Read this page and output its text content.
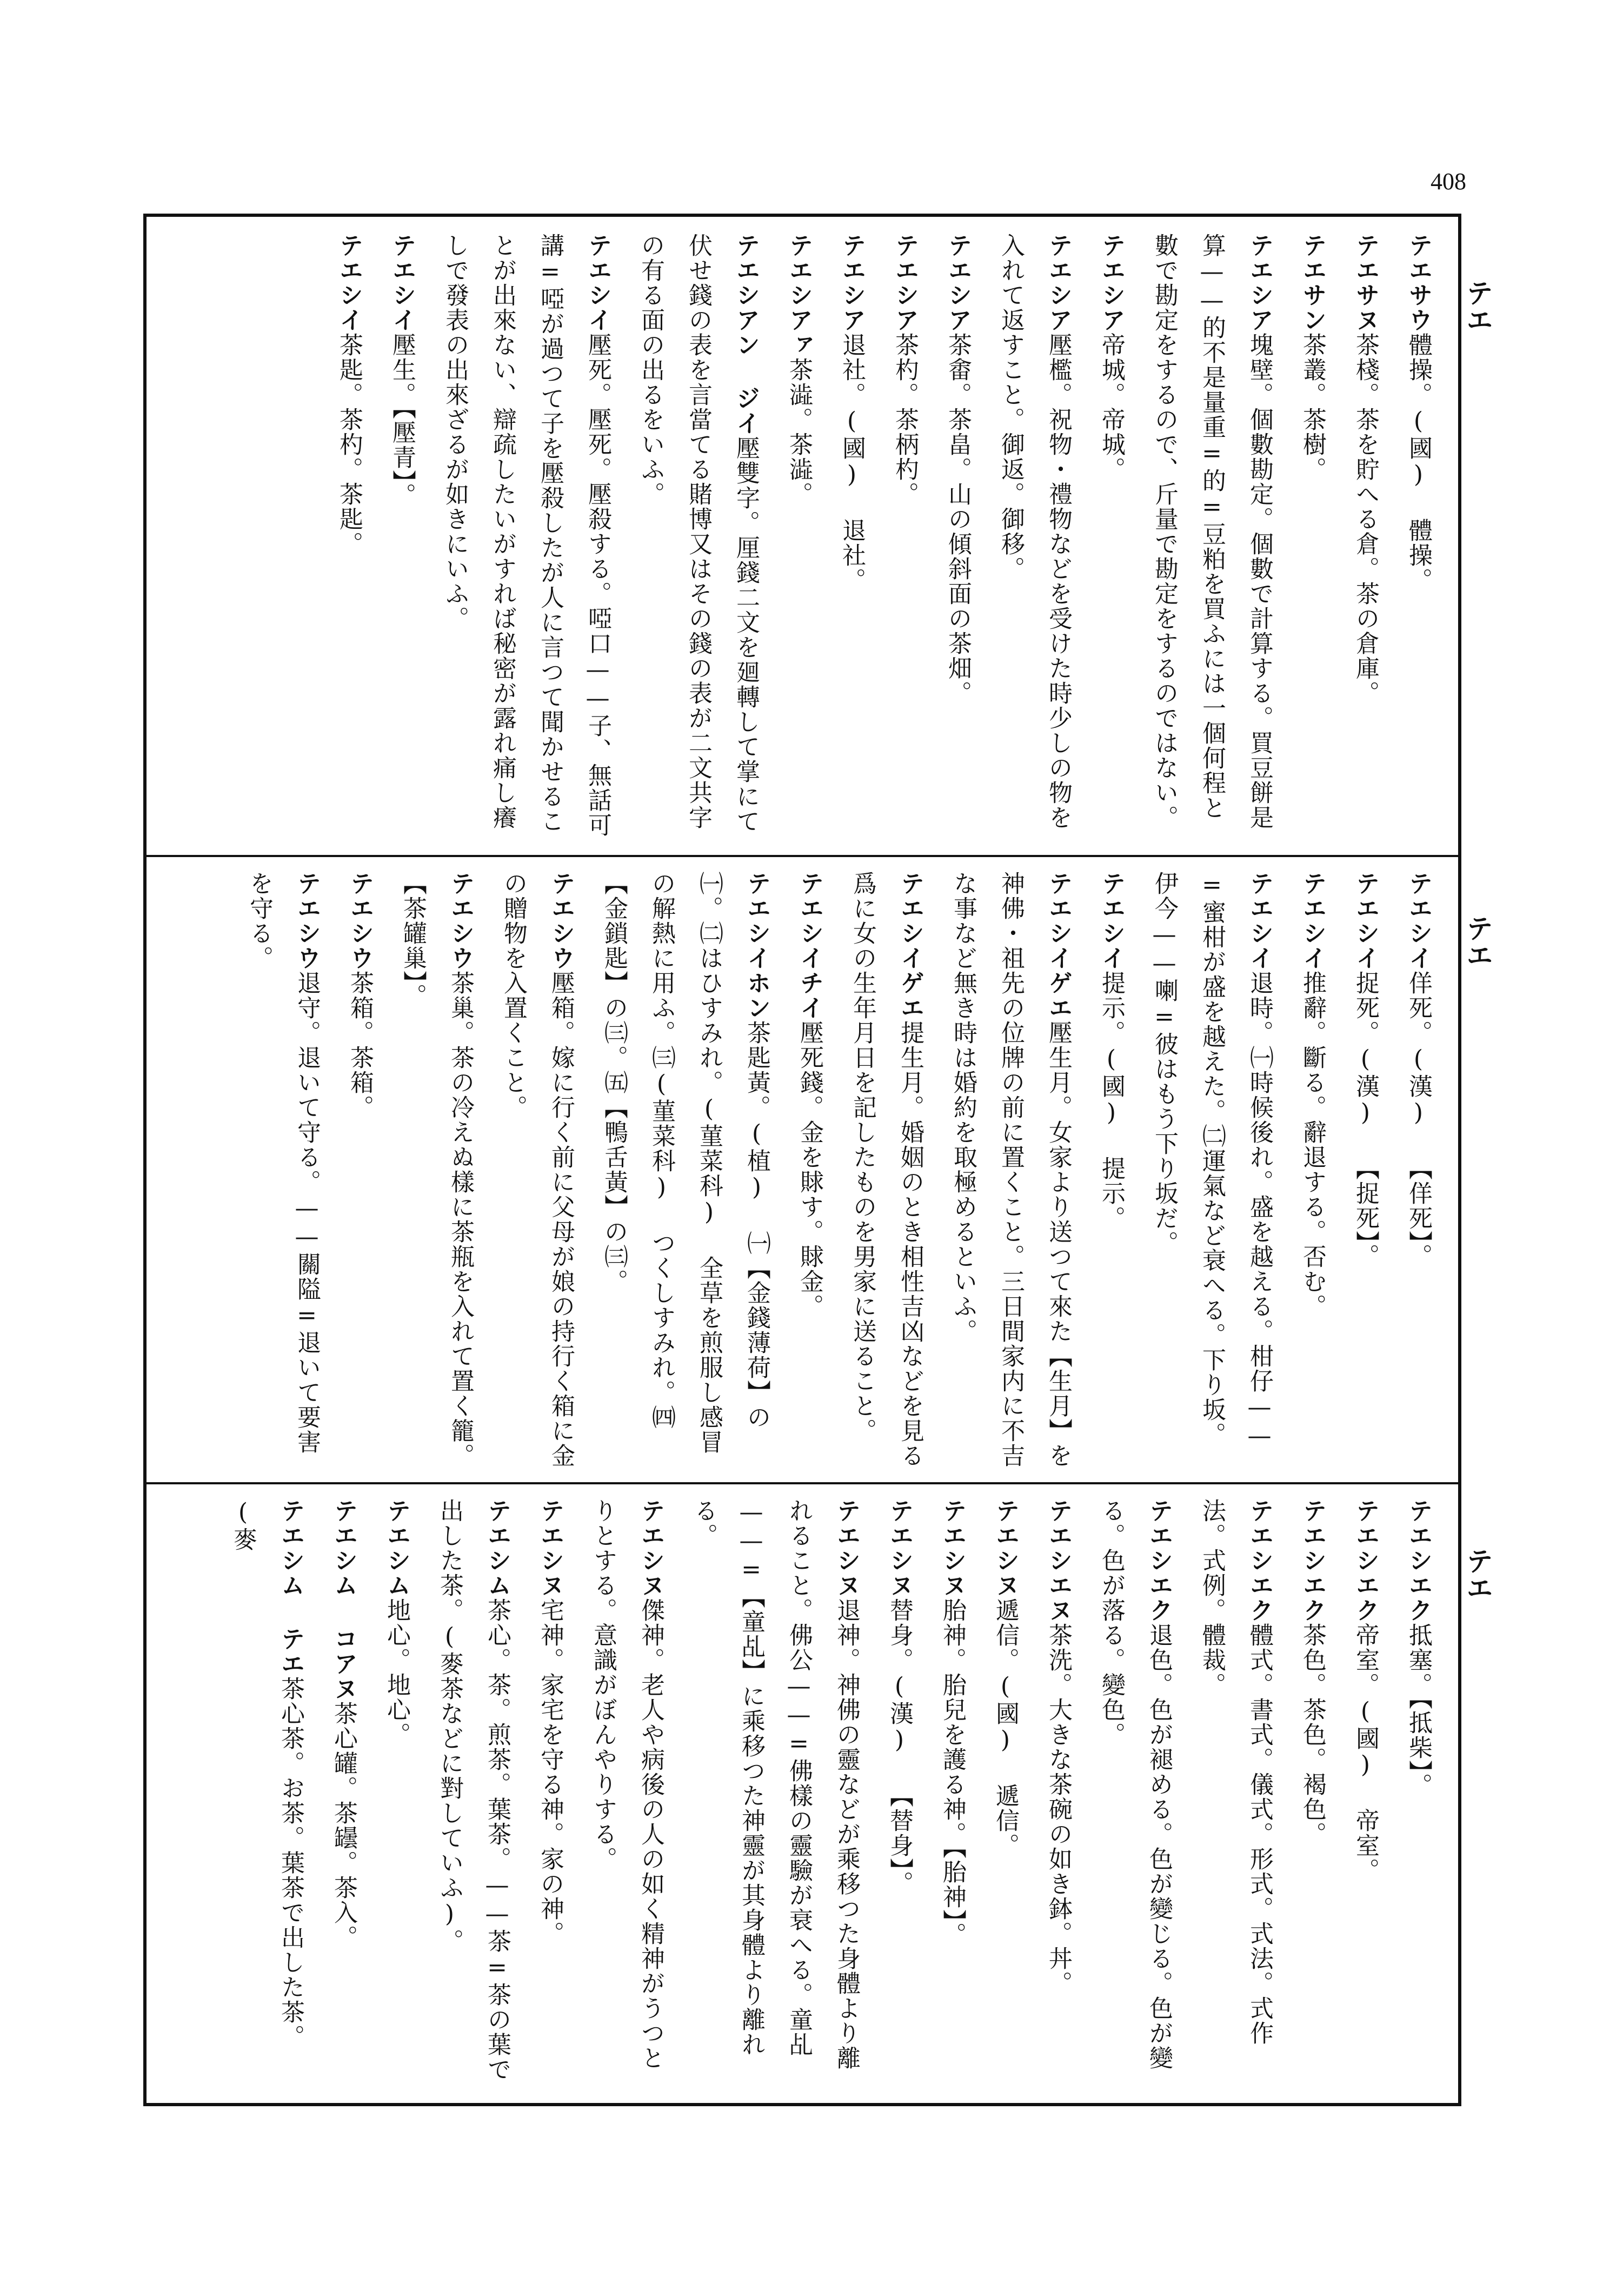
408
テエ
テエ
テエ
テエサウ體操。(國) 體操。
テエサヌ茶棧。茶を貯へる倉。茶の倉庫。
テエサン茶叢。茶樹。
テエシア塊壁。個數勘定。個數で計算する。買豆餅是算——的不是量重=的=豆粕を買ふには一個何程と數で勘定をするので、斤量で勘定をするのではない。
テエシア帝城。帝城。
テエシア壓檻。祝物・禮物などを受けた時少しの物を入れて返すこと。御返。御移。
テエシア茶畬。茶畠。山の傾斜面の茶畑。
テエシア茶杓。茶柄杓。
テエシア退社。(國) 退社。
テエシアァ茶澁。茶澁。
テエシアン ジイ壓雙字。厘錢二文を廻轉して掌にて伏せ錢の表を言當てる賭博又はその錢の表が二文共字の有る面の出るをいふ。
テエシイ壓死。壓死。壓殺する。啞口——子、無話可講=啞が過つて子を壓殺したが人に言つて聞かせることが出來ない、辯疏したいがすれば秘密が露れ痛し癢しで發表の出來ざるが如きにいふ。
テエシイ壓生。【壓青】。
テエシイ茶匙。茶杓。茶匙。
テエシイ佯死。(漢) 【佯死】。
テエシイ捉死。(漢) 【捉死】。
テエシイ推辭。斷る。辭退する。否む。
テエシイ退時。㈠時候後れ。盛を越える。柑仔——=蜜柑が盛を越えた。㈡運氣など衰へる。下り坂。伊今——喇=彼はもう下り坂だ。
テエシイ提示。(國) 提示。
テエシイゲエ壓生月。女家より送つて來た【生月】を神佛・祖先の位牌の前に置くこと。三日間家内に不吉な事など無き時は婚約を取極めるといふ。
テエシイゲエ提生月。婚姻のとき相性吉凶などを見る爲に女の生年月日を記したものを男家に送ること。
テエシイチイ壓死錢。金を賕す。賕金。
テエシイホン茶匙黃。(植) ㈠【金錢薄荷】の㈠。㈡はひすみれ。(菫菜科) 全草を煎服し感冒の解熱に用ふ。㈢(菫菜科) つくしすみれ。㈣【金鎖匙】の㈢。㈤【鴨舌黃】の㈢。
テエシウ壓箱。嫁に行く前に父母が娘の持行く箱に金の贈物を入置くこと。
テエシウ茶巢。茶の冷えぬ樣に茶瓶を入れて置く籠。【茶罐巢】。
テエシウ茶箱。茶箱。
テエシウ退守。退いて守る。——關隘=退いて要害を守る。
テエシエク抵塞。【抵柴】。
テエシエク帝室。(國) 帝室。
テエシエク茶色。茶色。褐色。
テエシエク體式。書式。儀式。形式。式法。式作法。式例。體裁。
テエシエク退色。色が褪める。色が變じる。色が變る。色が落る。變色。
テエシエヌ茶洗。大きな茶碗の如き鉢。丼。
テエシヌ遞信。(國) 遞信。
テエシヌ胎神。胎兒を護る神。【胎神】。
テエシヌ替身。(漢) 【替身】。
テエシヌ退神。神佛の靈などが乘移つた身體より離れること。佛公——=佛樣の靈驗が衰へる。童乩——=【童乩】に乘移つた神靈が其身體より離れる。
テエシヌ傑神。老人や病後の人の如く精神がうつとりとする。意識がぼんやりする。
テエシヌ宅神。家宅を守る神。家の神。
テエシム茶心。茶。煎茶。葉茶。——茶=茶の葉で出した茶。(麥茶などに對していふ)。
テエシム地心。地心。
テエシム コアヌ茶心罐。茶罎。茶入。
テエシム テエ茶心茶。お茶。葉茶で出した茶。(麥
